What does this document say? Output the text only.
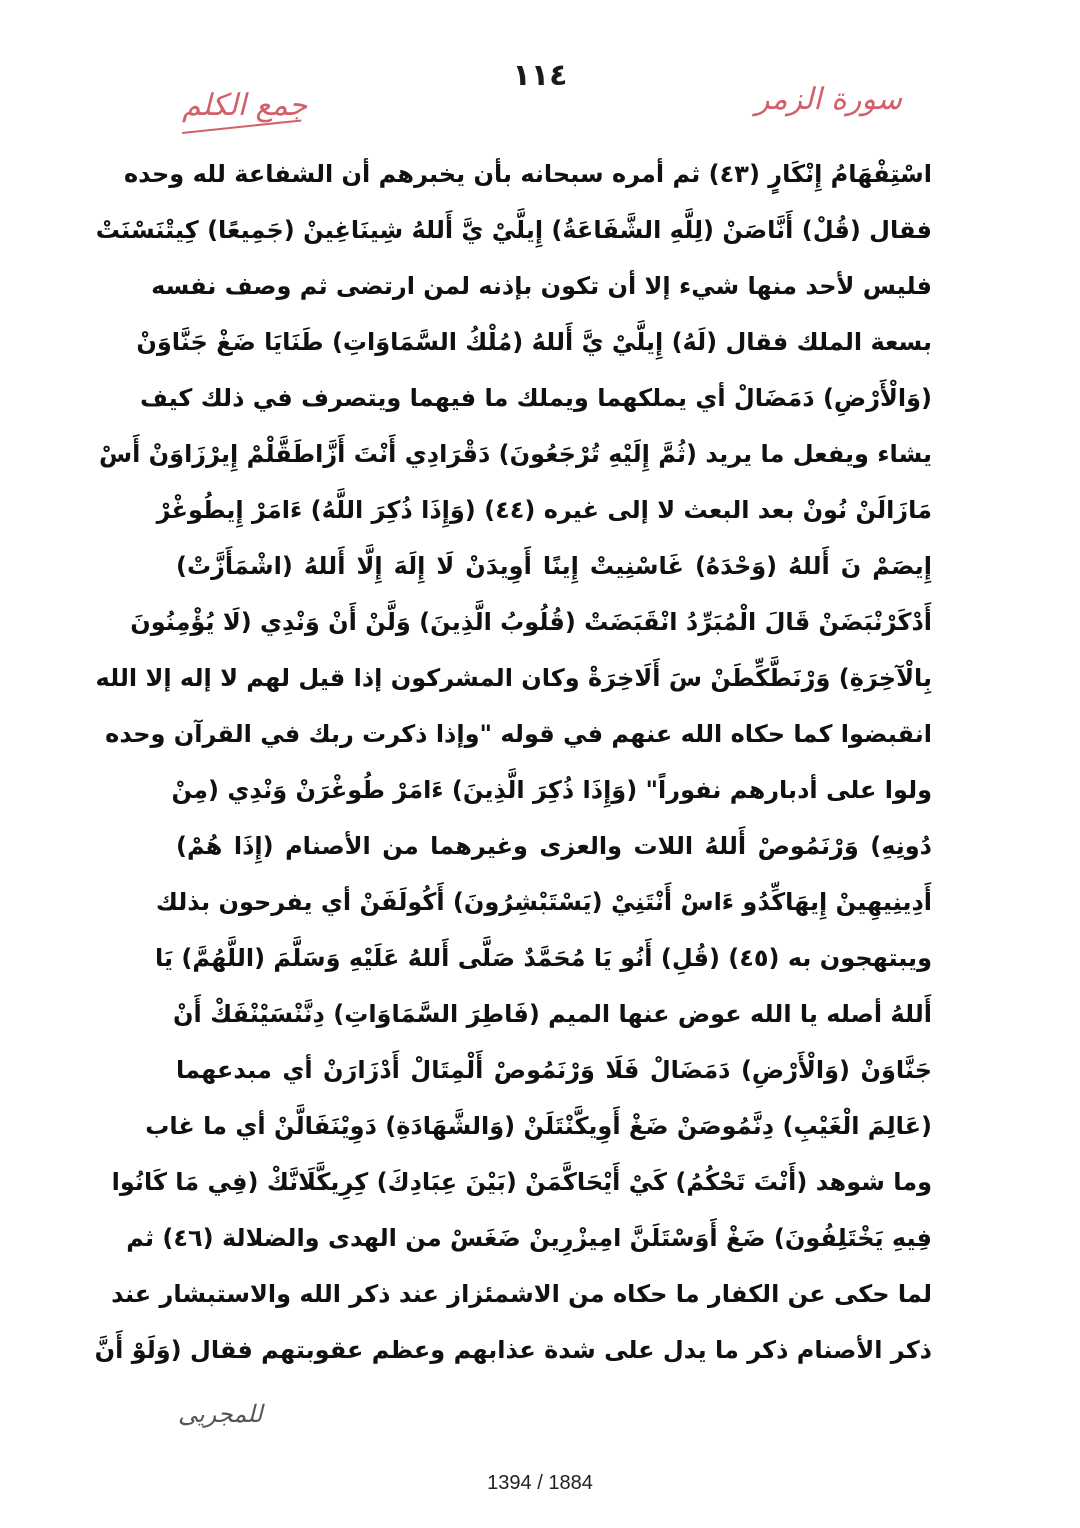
١١٤
سورة الزمر
جمع الكلم
اسْتِفْهَامُ إِنْكَارٍ (٤٣) ثم أمره سبحانه بأن يخبرهم أن الشفاعة لله وحده
فقال (قُلْ) أَنَّاصَنْ (لِلَّهِ الشَّفَاعَةُ) إِيلَّيْ يَّ أَللهُ شِينَاغِينْ (جَمِيعًا) كِيتْنَسْنَتْ
فليس لأحد منها شيء إلا أن تكون بإذنه لمن ارتضى ثم وصف نفسه
بسعة الملك فقال (لَهُ) إِيلَّيْ يَّ أَللهُ (مُلْكُ السَّمَاوَاتِ) طَنَايَا ضَغْ جَنَّاوَنْ
(وَالْأَرْضِ) دَمَضَالْ أي يملكهما ويملك ما فيهما ويتصرف في ذلك كيف
يشاء ويفعل ما يريد (ثُمَّ إِلَيْهِ تُرْجَعُونَ) دَقْرَادِي أَنْتَ أَزَّاطَقَّلْمْ إِيرْزَاوَنْ أَسْ
مَازَالَنْ نُونْ بعد البعث لا إلى غيره (٤٤) (وَإِذَا ذُكِرَ اللَّهُ) ءَامَرْ إِيطُوغْرْ
إِيصَمْ نَ أَللهُ (وَحْدَهُ) غَاسْنِيتْ إِينًا أَوِيدَنْ لَا إِلَهَ إِلَّا أَللهُ (اشْمَأَزَّتْ)
أَدْكَرْنْبَضَنْ قَالَ الْمُبَرِّدُ انْقَبَضَتْ (قُلُوبُ الَّذِينَ) وَلَّنْ أَنْ وَنْدِي (لَا يُؤْمِنُونَ
بِالْآخِرَةِ) وَرْنَطَّكِّطَنْ سَ أَلَاخِرَةْ وكان المشركون إذا قيل لهم لا إله إلا الله
انقبضوا كما حكاه الله عنهم في قوله "وإذا ذكرت ربك في القرآن وحده
ولوا على أدبارهم نفوراً" (وَإِذَا ذُكِرَ الَّذِينَ) ءَامَرْ طُوغْرَنْ وَنْدِي (مِنْ
دُونِهِ) وَرْنَمُوصْ أَللهُ اللات والعزى وغيرهما من الأصنام (إِذَا هُمْ)
أَدِينِيهِينْ إِيهَاكِّدُو ءَاسْ أَنْتَنِيْ (يَسْتَبْشِرُونَ) أَكُولَفَنْ أي يفرحون بذلك
ويبتهجون به (٤٥) (قُلِ) أَنُو يَا مُحَمَّدٌ صَلَّى أَللهُ عَلَيْهِ وَسَلَّمَ (اللَّهُمَّ) يَا
أَللهُ أصله يا الله عوض عنها الميم (فَاطِرَ السَّمَاوَاتِ) دِنَّنْسَيْنْفَكْ أَنْ
جَنَّاوَنْ (وَالْأَرْضِ) دَمَضَالْ فَلَا وَرْنَمُوصْ أَلْمِتَالْ أَدْزَارَنْ أي مبدعهما
(عَالِمَ الْغَيْبِ) دِنَّمُوصَنْ ضَغْ أَوِيكَّنْتَلَنْ (وَالشَّهَادَةِ) دَوِيْنَفَالَّنْ أي ما غاب
وما شوهد (أَنْتَ تَحْكُمُ) كَيْ أَيْحَاكَّمَنْ (بَيْنَ عِبَادِكَ) كِرِيكَّلَانَّكْ (فِي مَا كَانُوا
فِيهِ يَخْتَلِفُونَ) ضَغْ أَوَسْتَلَنَّ امِيزْرِينْ ضَغَسْ من الهدى والضلالة (٤٦) ثم
لما حكى عن الكفار ما حكاه من الاشمئزاز عند ذكر الله والاستبشار عند
ذكر الأصنام ذكر ما يدل على شدة عذابهم وعظم عقوبتهم فقال (وَلَوْ أَنَّ
للمجريى
1394 / 1884
